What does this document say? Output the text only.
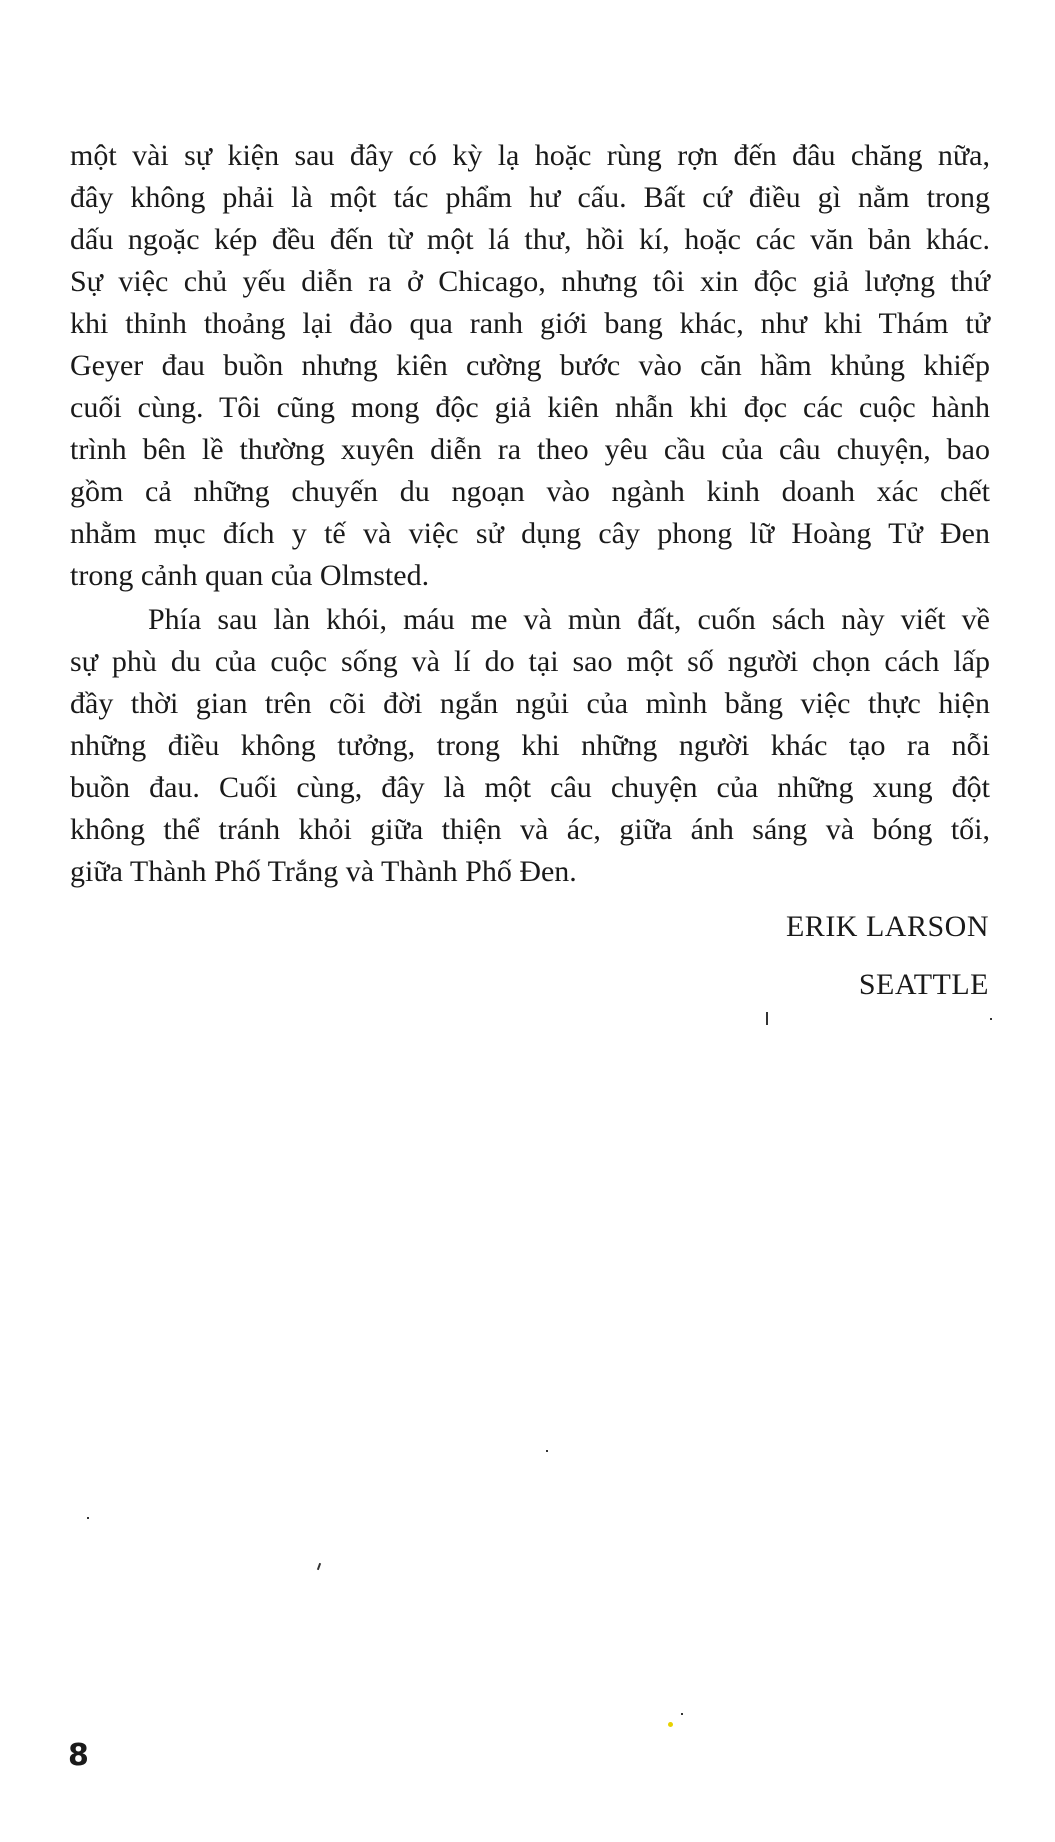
một vài sự kiện sau đây có kỳ lạ hoặc rùng rợn đến đâu chăng nữa,
đây không phải là một tác phẩm hư cấu. Bất cứ điều gì nằm trong
dấu ngoặc kép đều đến từ một lá thư, hồi kí, hoặc các văn bản khác.
Sự việc chủ yếu diễn ra ở Chicago, nhưng tôi xin độc giả lượng thứ
khi thỉnh thoảng lại đảo qua ranh giới bang khác, như khi Thám tử
Geyer đau buồn nhưng kiên cường bước vào căn hầm khủng khiếp
cuối cùng. Tôi cũng mong độc giả kiên nhẫn khi đọc các cuộc hành
trình bên lề thường xuyên diễn ra theo yêu cầu của câu chuyện, bao
gồm cả những chuyến du ngoạn vào ngành kinh doanh xác chết
nhằm mục đích y tế và việc sử dụng cây phong lữ Hoàng Tử Đen
trong cảnh quan của Olmsted.
Phía sau làn khói, máu me và mùn đất, cuốn sách này viết về
sự phù du của cuộc sống và lí do tại sao một số người chọn cách lấp
đầy thời gian trên cõi đời ngắn ngủi của mình bằng việc thực hiện
những điều không tưởng, trong khi những người khác tạo ra nỗi
buồn đau. Cuối cùng, đây là một câu chuyện của những xung đột
không thể tránh khỏi giữa thiện và ác, giữa ánh sáng và bóng tối,
giữa Thành Phố Trắng và Thành Phố Đen.
ERIK LARSON
SEATTLE
8
